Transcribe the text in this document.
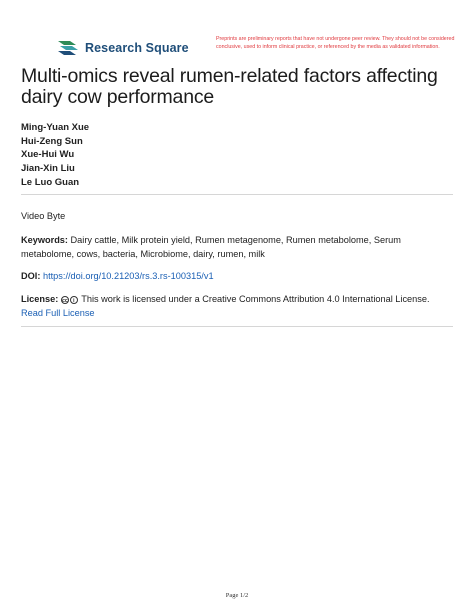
Research Square
Preprints are preliminary reports that have not undergone peer review. They should not be considered conclusive, used to inform clinical practice, or referenced by the media as validated information.
Multi-omics reveal rumen-related factors affecting dairy cow performance
Ming-Yuan Xue
Hui-Zeng Sun
Xue-Hui Wu
Jian-Xin Liu
Le Luo Guan
Video Byte
Keywords: Dairy cattle, Milk protein yield, Rumen metagenome, Rumen metabolome, Serum metabolome, cows, bacteria, Microbiome, dairy, rumen, milk
DOI: https://doi.org/10.21203/rs.3.rs-100315/v1
License: cc i This work is licensed under a Creative Commons Attribution 4.0 International License.
Read Full License
Page 1/2
